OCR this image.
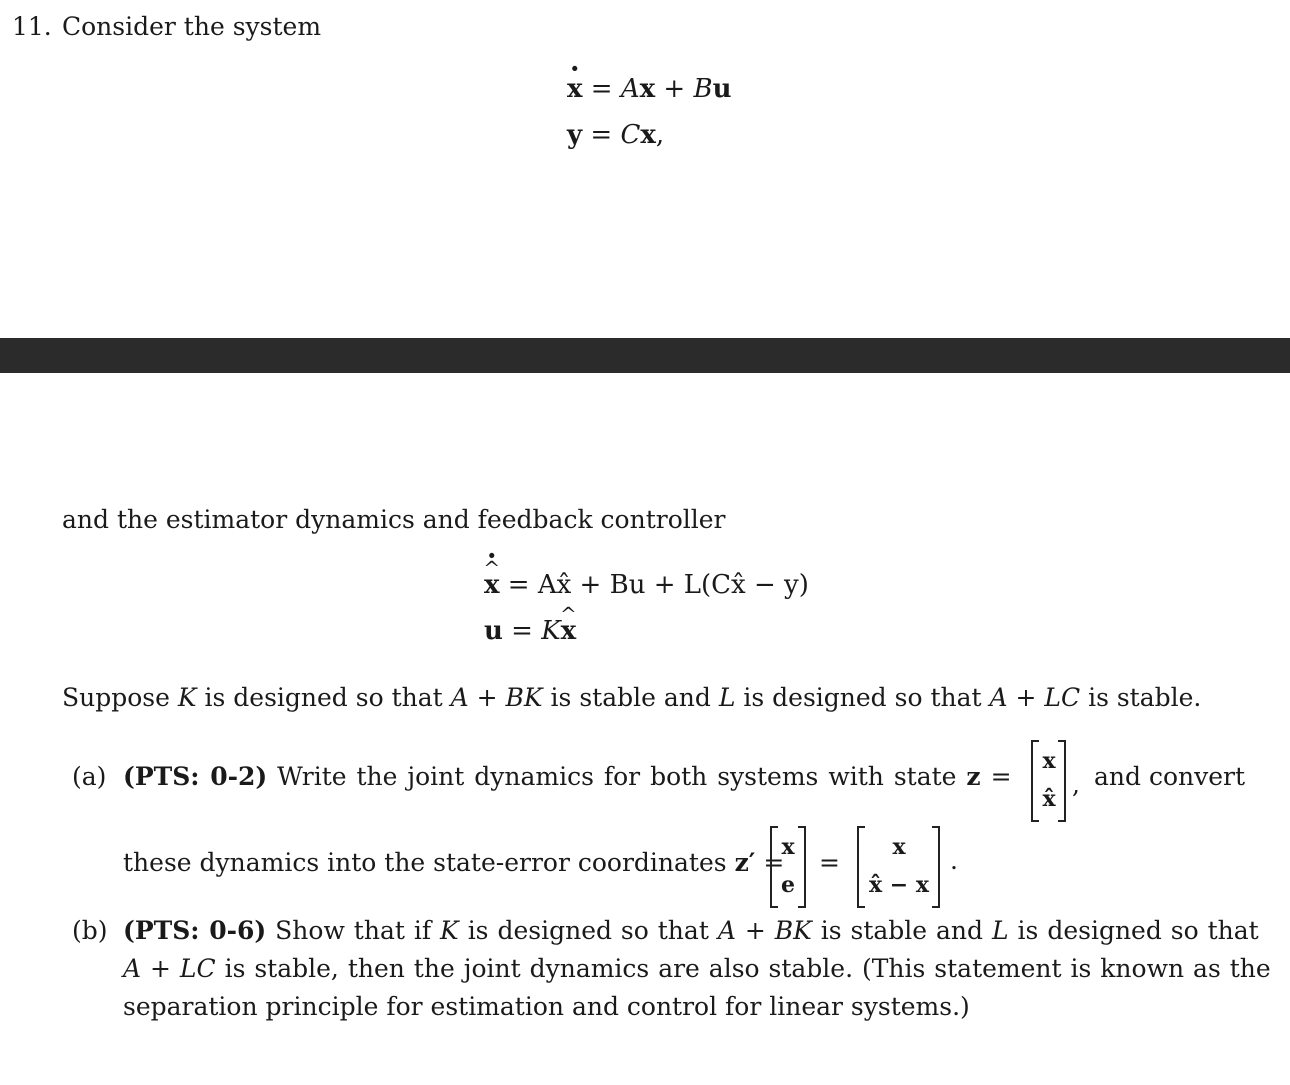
11. Consider the system
x · = Ax + Bu
y = Cx,
and the estimator dynamics and feedback controller
^ x · = Ax̂ + Bu + L(Cx̂ − y)
u = K^ x
Suppose K is designed so that A + BK is stable and L is designed so that A + LC is stable.
(a) (PTS: 0-2) Write the joint dynamics for both systems with state z =
x
x̂ , and convert
these dynamics into the state-error coordinates z′ =
x
e
=
x
x̂ − x
.
(b) (PTS: 0-6) Show that if K is designed so that A + BK is stable and L is designed so that
A + LC is stable, then the joint dynamics are also stable. (This statement is known as the
separation principle for estimation and control for linear systems.)
